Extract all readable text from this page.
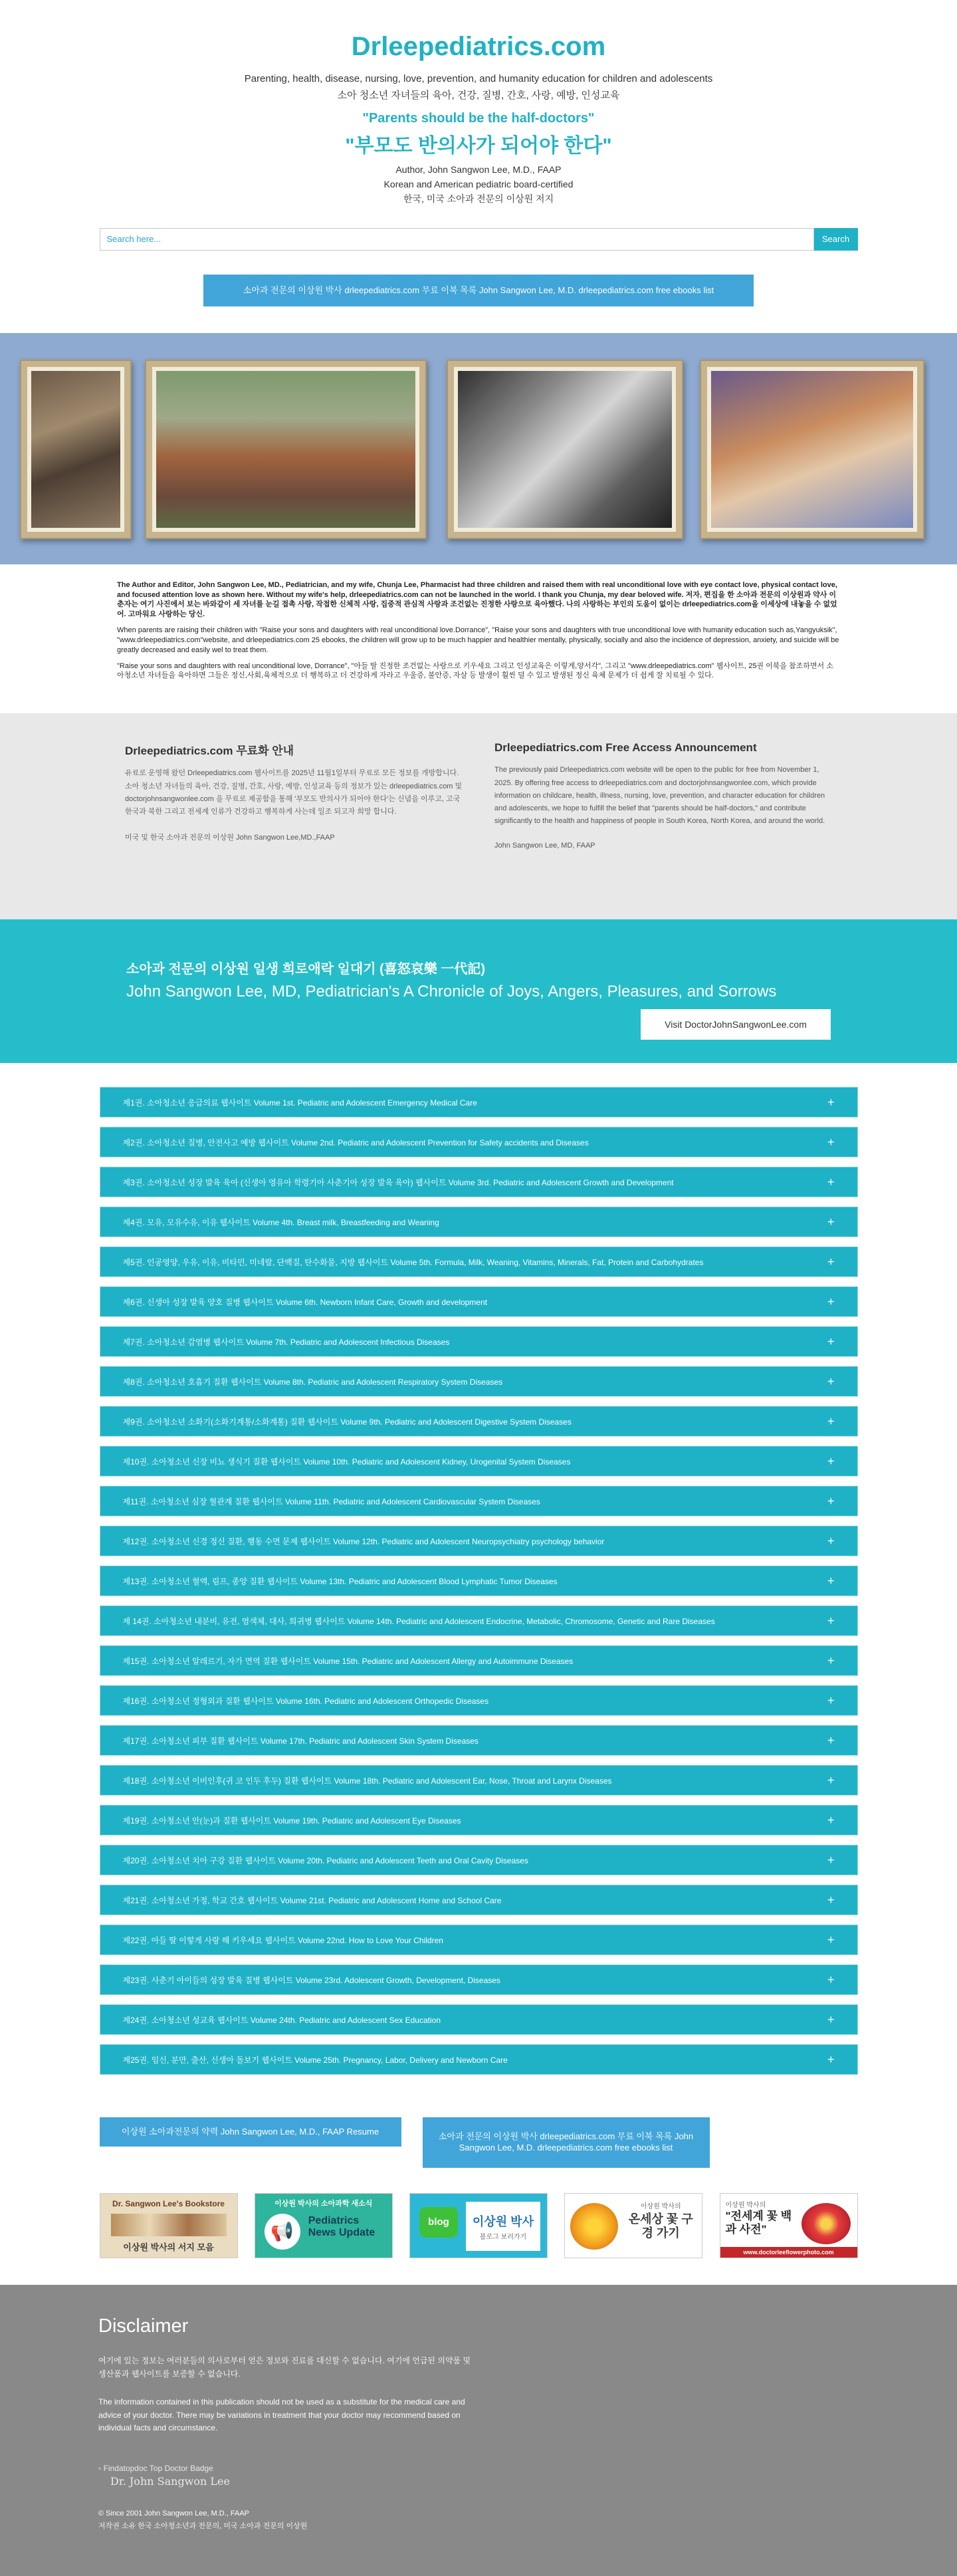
Drleepediatrics.com
Parenting, health, disease, nursing, love, prevention, and humanity education for children and adolescents
소아 청소년 자녀들의 육아, 건강, 질병, 간호, 사랑, 예방, 인성교육
"Parents should be the half-doctors"
"부모도 반의사가 되어야 한다"
Author, John Sangwon Lee, M.D., FAAP
Korean and American pediatric board-certified
한국, 미국 소아과 전문의 이상원 저지
Search here...
Search
소아과 전문의 이상원 박사 drleepediatrics.com 무료 이북 목록 John Sangwon Lee, M.D. drleepediatrics.com free ebooks list

The Author and Editor, John Sangwon Lee, MD., Pediatrician, and my wife, Chunja Lee, Pharmacist had three children and raised them with real unconditional love with eye contact love, physical contact love, and focused attention love as shown here. Without my wife's help, drleepediatrics.com can not be launched in the world. I thank you Chunja, my dear beloved wife. 저자, 편집을 한 소아과 전문의 이상원과 약사 이춘자는 여기 사진에서 보는 바와같이 세 자녀를 눈길 접촉 사랑, 작접한 신체적 사랑, 집중적 관심적 사랑과 조건없는 진정한 사랑으로 육아했다. 나의 사랑하는 부인의 도움이 없이는 drleepediatrics.com을 이세상에 내놓을 수 없었어. 고마워요 사랑하는 당신.

When parents are raising their children with "Raise your sons and daughters with real unconditional love.Dorrance", "Raise your sons and daughters with true unconditional love with humanity education such as,Yangyuksik", "www.drleepediatrics.com"website, and drleepediatrics.com 25 ebooks, the children will grow up to be much happier and healthier mentally, physically, socially and also the incidence of depression, anxiety, and suicide will be greatly decreased and easily wel to treat them.

"Raise your sons and daughters with real unconditional love, Dorrance", "아들 딸 진정한 조건없는 사랑으로 키우세요 그리고 인성교육은 이렇게,양서각", 그리고 "www.drleepediatrics.com" 웹사이트, 25권 이북을 참조하면서 소아청소년 자녀들을 육아하면 그들은 정신,사회,육체적으로 더 행복하고 더 건강하게 자라고 우울증, 불안증, 자살 등 발생이 훨씬 덜 수 있고 발생된 정신 육체 문제가 더 쉽게 잘 치료될 수 있다.

Drleepediatrics.com 무료화 안내
유료로 운영해 왔던 Drleepediatrics.com 웹사이트를 2025년 11월1일부터 무료로 모든 정보를 개방합니다. 소아 청소년 자녀들의 육아, 건강, 질병, 간호, 사랑, 예방, 인성교육 등의 정보가 있는 drleepediatrics.com 및 doctorjohnsangwonlee.com 을 무료로 제공함을 통해 '부모도 반의사가 되어야 한다'는 신념을 이루고, 고국 한국과 북한 그리고 전세계 인류가 건강하고 행복하게 사는데 일조 되고자 희망 합니다.
미국 및 한국 소아과 전문의 이상원 John Sangwon Lee,MD.,FAAP
Drleepediatrics.com Free Access Announcement
The previously paid Drleepediatrics.com website will be open to the public for free from November 1, 2025. By offering free access to drleepediatrics.com and doctorjohnsangwonlee.com, which provide information on childcare, health, illness, nursing, love, prevention, and character education for children and adolescents, we hope to fulfill the belief that "parents should be half-doctors," and contribute significantly to the health and happiness of people in South Korea, North Korea, and around the world.
John Sangwon Lee, MD, FAAP
소아과 전문의 이상원 일생 희로애락 일대기 (喜怒哀樂 一代記)
John Sangwon Lee, MD, Pediatrician's A Chronicle of Joys, Angers, Pleasures, and Sorrows
Visit DoctorJohnSangwonLee.com
제1권. 소아청소년 응급의료 웹사이트 Volume 1st. Pediatric and Adolescent Emergency Medical Care	+
제2권. 소아청소년 질병, 안전사고 예방 웹사이트 Volume 2nd. Pediatric and Adolescent Prevention for Safety accidents and Diseases	+
제3권. 소아청소년 성장 발육 육아 (신생아 영유아 학령기아 사춘기아 성장 발육 육아) 웹사이트 Volume 3rd. Pediatric and Adolescent Growth and Development	+
제4권. 모유, 모유수유, 이유 웹사이트 Volume 4th. Breast milk, Breastfeeding and Weaning	+
제5권. 인공영양, 우유, 이유, 비타민, 미네랄, 단백질, 탄수화물, 지방 웹사이트 Volume 5th. Formula, Milk, Weaning, Vitamins, Minerals, Fat, Protein and Carbohydrates	+
제6권. 신생아 성장 발육 양호 질병 웹사이트 Volume 6th. Newborn Infant Care, Growth and development	+
제7권. 소아청소년 감염병 웹사이트 Volume 7th. Pediatric and Adolescent Infectious Diseases	+
제8권. 소아청소년 호흡기 질환 웹사이트 Volume 8th. Pediatric and Adolescent Respiratory System Diseases	+
제9권. 소아청소년 소화기(소화기계통/소화계통) 질환 웹사이트 Volume 9th. Pediatric and Adolescent Digestive System Diseases	+
제10권. 소아청소년 신장 비뇨 생식기 질환 웹사이트 Volume 10th. Pediatric and Adolescent Kidney, Urogenital System Diseases	+
제11권. 소아청소년 심장 혈관계 질환 웹사이트 Volume 11th. Pediatric and Adolescent Cardiovascular System Diseases	+
제12권. 소아청소년 신경 정신 질환, 행동 수면 문제 웹사이트 Volume 12th. Pediatric and Adolescent Neuropsychiatry psychology behavior	+
제13권. 소아청소년 혈액, 림프, 종양 질환 웹사이트 Volume 13th. Pediatric and Adolescent Blood Lymphatic Tumor Diseases	+
제 14권. 소아청소년 내분비, 유전, 염색체, 대사, 희귀병 웹사이트 Volume 14th. Pediatric and Adolescent Endocrine, Metabolic, Chromosome, Genetic and Rare Diseases	+
제15권. 소아청소년 알레르기, 자가 면역 질환 웹사이트 Volume 15th. Pediatric and Adolescent Allergy and Autoimmune Diseases	+
제16권. 소아청소년 정형외과 질환 웹사이트 Volume 16th. Pediatric and Adolescent Orthopedic Diseases	+
제17권. 소아청소년 피부 질환 웹사이트 Volume 17th. Pediatric and Adolescent Skin System Diseases	+
제18권. 소아청소년 이비인후(귀 코 인두 후두) 질환 웹사이트 Volume 18th. Pediatric and Adolescent Ear, Nose, Throat and Larynx Diseases	+
제19권. 소아청소년 안(눈)과 질환 웹사이트 Volume 19th. Pediatric and Adolescent Eye Diseases	+
제20권. 소아청소년 치아 구강 질환 웹사이트 Volume 20th. Pediatric and Adolescent Teeth and Oral Cavity Diseases	+
제21권. 소아청소년 가정, 학교 간호 웹사이트 Volume 21st. Pediatric and Adolescent Home and School Care	+
제22권. 아들 딸 이렇게 사랑 해 키우세요 웹사이트 Volume 22nd. How to Love Your Children	+
제23권. 사춘기 아이들의 성장 발육 질병 웹사이트 Volume 23rd. Adolescent Growth, Development, Diseases	+
제24권. 소아청소년 성교육 웹사이트 Volume 24th. Pediatric and Adolescent Sex Education	+
제25권. 임신, 분만, 출산, 신생아 돌보기 웹사이트 Volume 25th. Pregnancy, Labor, Delivery and Newborn Care	+
이상원 소아과전문의 약력 John Sangwon Lee, M.D., FAAP Resume	소아과 전문의 이상원 박사 drleepediatrics.com 무료 이북 목록 John Sangwon Lee, M.D. drleepediatrics.com free ebooks list
Dr. Sangwon Lee's Bookstore
이상원 박사의 서지 모음
이상원 박사의 소아과학 새소식
📢
Pediatrics News Update
blog	이상원 박사
블로그 보러가기
이상원 박사의
온세상 꽃 구경 가기
이상원 박사의
"전세계 꽃 백과 사전"
www.doctorleeflowerphoto.com
Disclaimer

여기에 있는 정보는 여러분들의 의사로부터 얻은 정보와 진료를 대신할 수 없습니다. 여기에 언급된 의약품 및 생산품과 웹사이트를 보증할 수 없습니다.

The information contained in this publication should not be used as a substitute for the medical care and advice of your doctor. There may be variations in treatment that your doctor may recommend based on individual facts and circumstance.

▫ Findatopdoc Top Doctor Badge
Dr. John Sangwon Lee
© Since 2001 John Sangwon Lee, M.D., FAAP
저작권 소유 한국 소아청소년과 전문의, 미국 소아과 전문의 이상원
